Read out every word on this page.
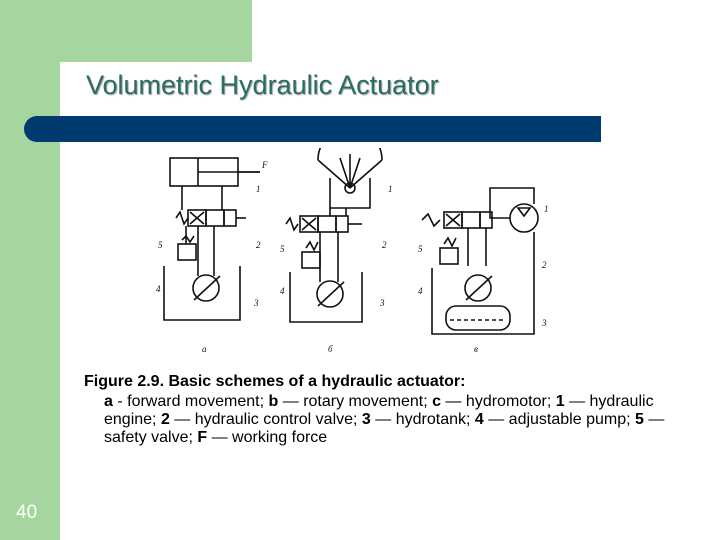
Volumetric Hydraulic Actuator
F
1
2
5
4
3
1
2
5
4
3
1
2
5
4
3
а	б	в
Figure 2.9. Basic schemes of a hydraulic actuator:
a - forward movement; b — rotary movement; c — hydromotor; 1 — hydraulic engine; 2 — hydraulic control valve; 3 — hydrotank; 4 — adjustable pump; 5 — safety valve; F — working force
40
